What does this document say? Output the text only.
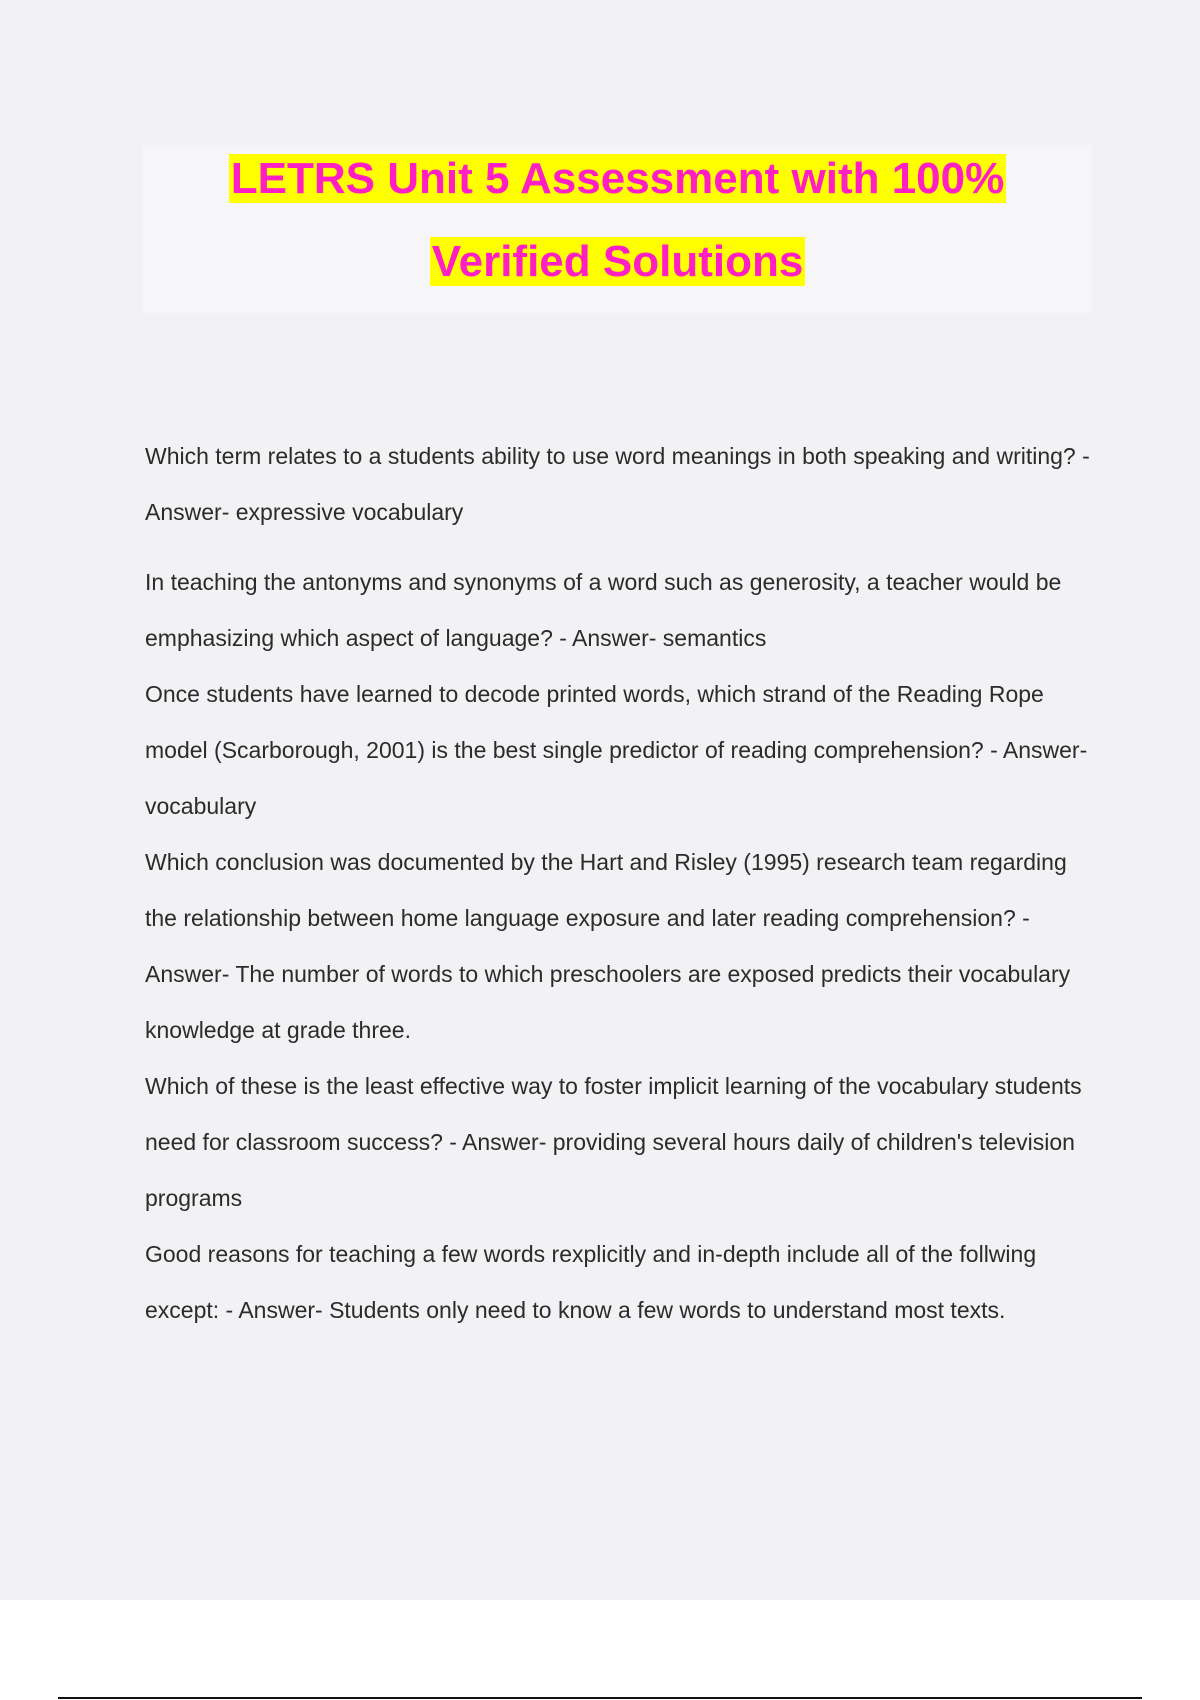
LETRS Unit 5 Assessment with 100%
Verified Solutions

Which term relates to a students ability to use word meanings in both speaking and writing? - Answer- expressive vocabulary

In teaching the antonyms and synonyms of a word such as generosity, a teacher would be emphasizing which aspect of language? - Answer- semantics

Once students have learned to decode printed words, which strand of the Reading Rope model (Scarborough, 2001) is the best single predictor of reading comprehension? - Answer- vocabulary

Which conclusion was documented by the Hart and Risley (1995) research team regarding the relationship between home language exposure and later reading comprehension? - Answer- The number of words to which preschoolers are exposed predicts their vocabulary knowledge at grade three.

Which of these is the least effective way to foster implicit learning of the vocabulary students need for classroom success? - Answer- providing several hours daily of children's television programs

Good reasons for teaching a few words rexplicitly and in-depth include all of the follwing except: - Answer- Students only need to know a few words to understand most texts.
